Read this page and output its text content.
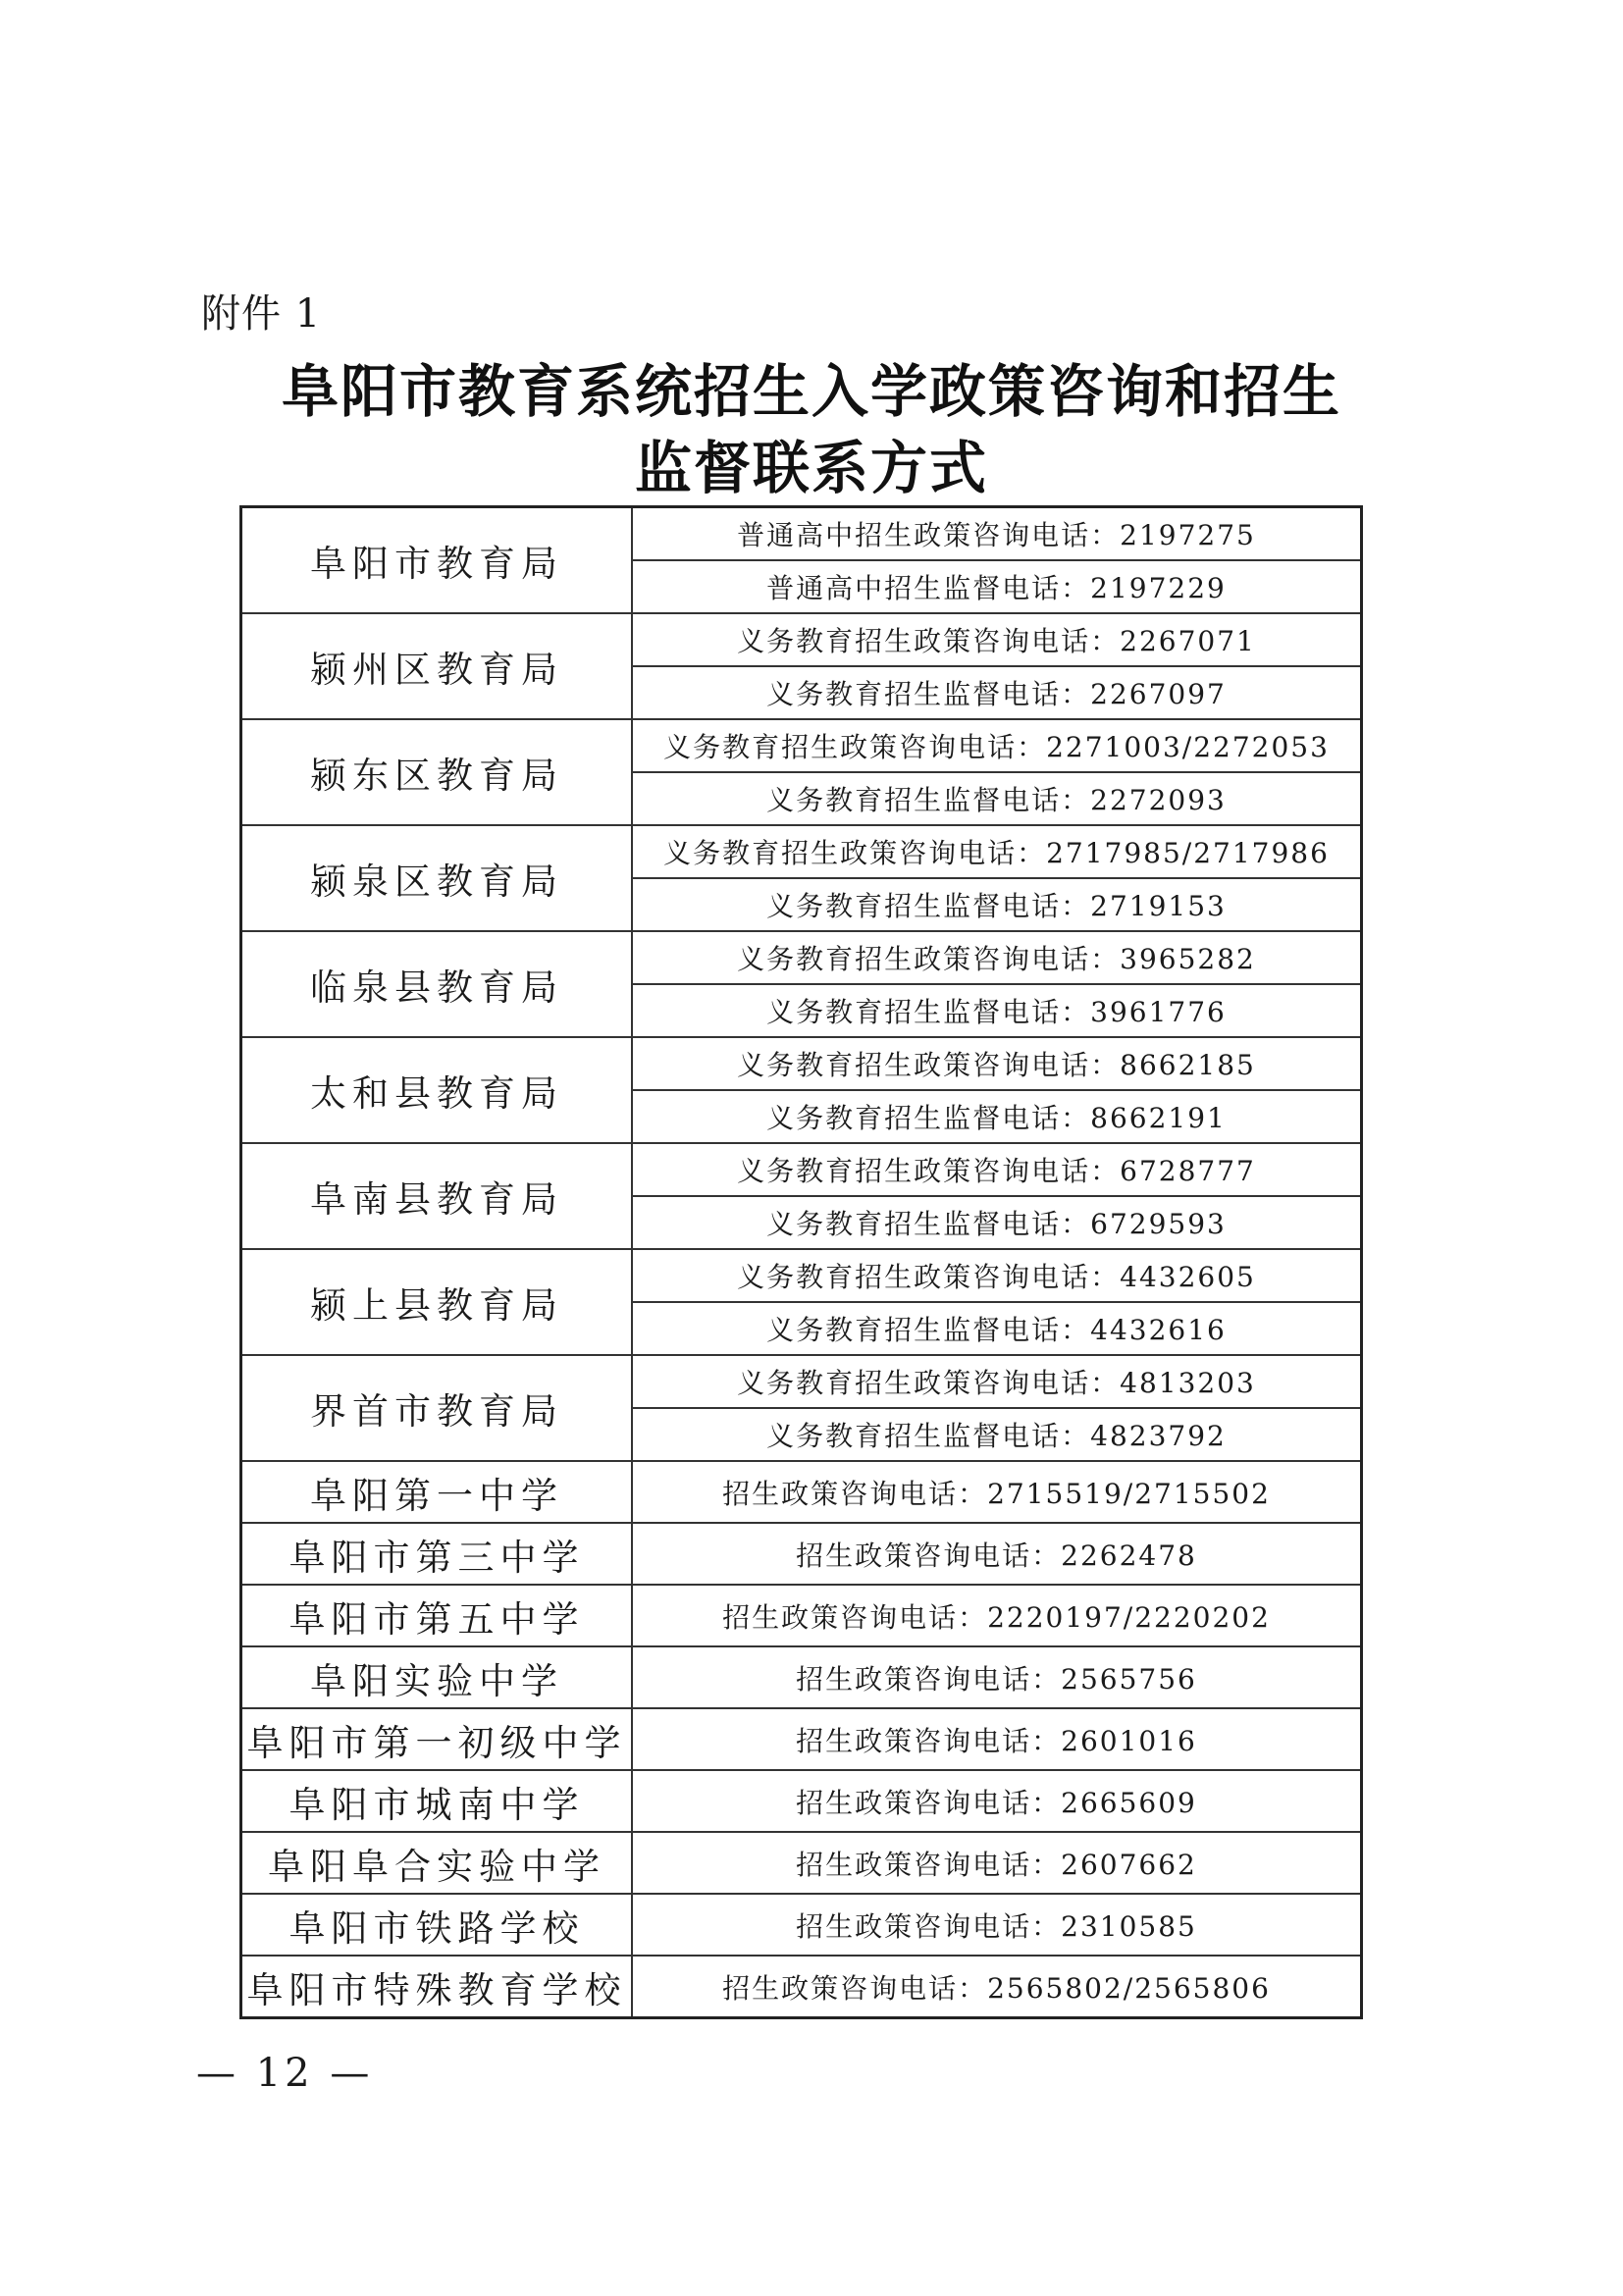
附件 1
阜阳市教育系统招生入学政策咨询和招生
监督联系方式
阜阳市教育局	普通高中招生政策咨询电话：2197275
	普通高中招生监督电话：2197229
颍州区教育局	义务教育招生政策咨询电话：2267071
	义务教育招生监督电话：2267097
颍东区教育局	义务教育招生政策咨询电话：2271003/2272053
	义务教育招生监督电话：2272093
颍泉区教育局	义务教育招生政策咨询电话：2717985/2717986
	义务教育招生监督电话：2719153
临泉县教育局	义务教育招生政策咨询电话：3965282
	义务教育招生监督电话：3961776
太和县教育局	义务教育招生政策咨询电话：8662185
	义务教育招生监督电话：8662191
阜南县教育局	义务教育招生政策咨询电话：6728777
	义务教育招生监督电话：6729593
颍上县教育局	义务教育招生政策咨询电话：4432605
	义务教育招生监督电话：4432616
界首市教育局	义务教育招生政策咨询电话：4813203
	义务教育招生监督电话：4823792
阜阳第一中学	招生政策咨询电话：2715519/2715502
阜阳市第三中学	招生政策咨询电话：2262478
阜阳市第五中学	招生政策咨询电话：2220197/2220202
阜阳实验中学	招生政策咨询电话：2565756
阜阳市第一初级中学	招生政策咨询电话：2601016
阜阳市城南中学	招生政策咨询电话：2665609
阜阳阜合实验中学	招生政策咨询电话：2607662
阜阳市铁路学校	招生政策咨询电话：2310585
阜阳市特殊教育学校	招生政策咨询电话：2565802/2565806
— 12 —
